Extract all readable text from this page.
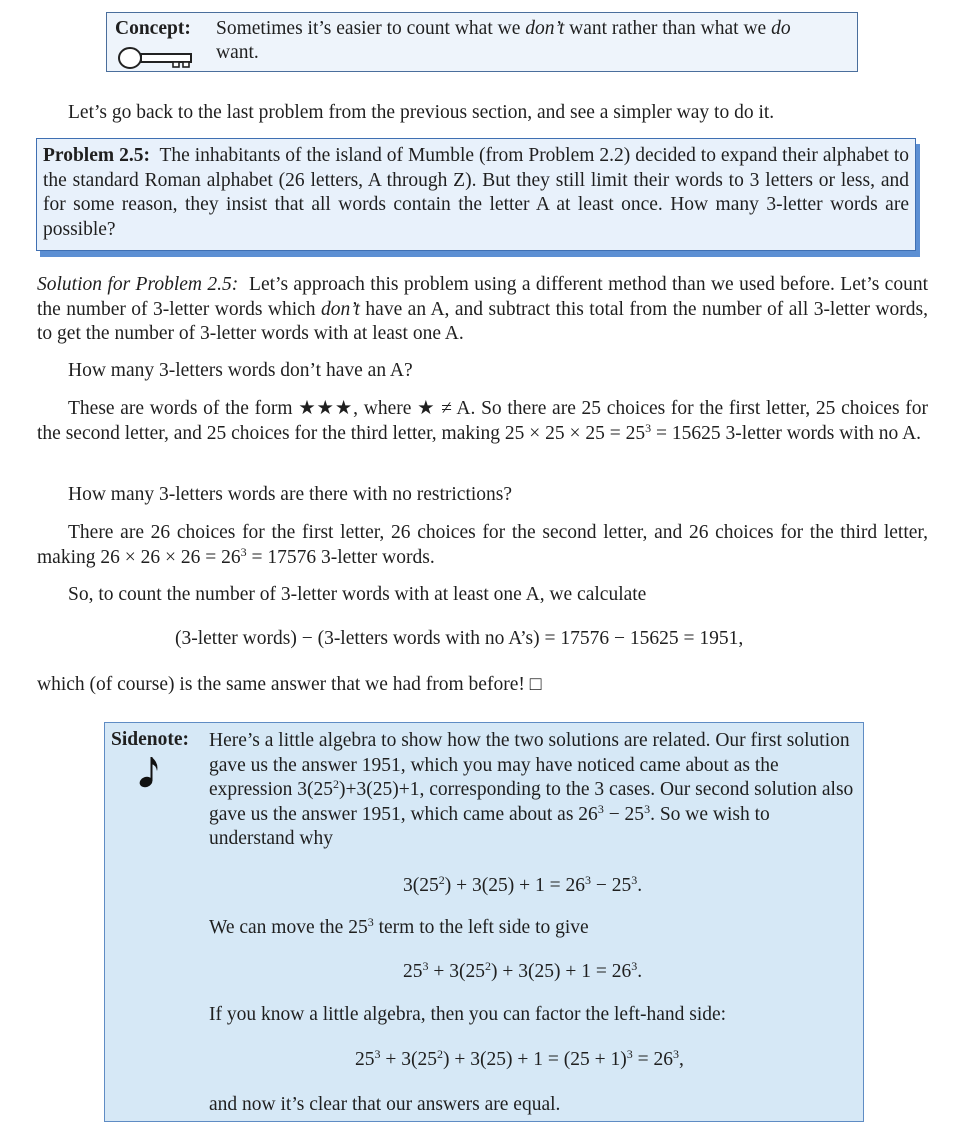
Concept: Sometimes it’s easier to count what we don’t want rather than what we do
want.
Let’s go back to the last problem from the previous section, and see a simpler way to do it.
Problem 2.5: The inhabitants of the island of Mumble (from Problem 2.2) decided to expand their alphabet to the standard Roman alphabet (26 letters, A through Z). But they still limit their words to 3 letters or less, and for some reason, they insist that all words contain the letter A at least once. How many 3-letter words are possible?
Solution for Problem 2.5: Let’s approach this problem using a different method than we used before. Let’s count the number of 3-letter words which don’t have an A, and subtract this total from the number of all 3-letter words, to get the number of 3-letter words with at least one A.
How many 3-letters words don’t have an A?
These are words of the form ★★★, where ★ ≠ A. So there are 25 choices for the first letter, 25 choices for the second letter, and 25 choices for the third letter, making $25 \times 25 \times 25 = 25^3 = 15625$ 3-letter words with no A.
How many 3-letters words are there with no restrictions?
There are 26 choices for the first letter, 26 choices for the second letter, and 26 choices for the third letter, making $26 \times 26 \times 26 = 26^3 = 17576$ 3-letter words.
So, to count the number of 3-letter words with at least one A, we calculate
(3-letter words) − (3-letters words with no A’s) = 17576 − 15625 = 1951,
which (of course) is the same answer that we had from before! □
Sidenote: Here’s a little algebra to show how the two solutions are related. Our first solution gave us the answer 1951, which you may have noticed came about as the expression $3(25^2)+3(25)+1$, corresponding to the 3 cases. Our second solution also gave us the answer 1951, which came about as $26^3 - 25^3$. So we wish to understand why
$3(25^2) + 3(25) + 1 = 26^3 - 25^3$.
We can move the $25^3$ term to the left side to give
$25^3 + 3(25^2) + 3(25) + 1 = 26^3$.
If you know a little algebra, then you can factor the left-hand side:
$25^3 + 3(25^2) + 3(25) + 1 = (25 + 1)^3 = 26^3$,
and now it’s clear that our answers are equal.
